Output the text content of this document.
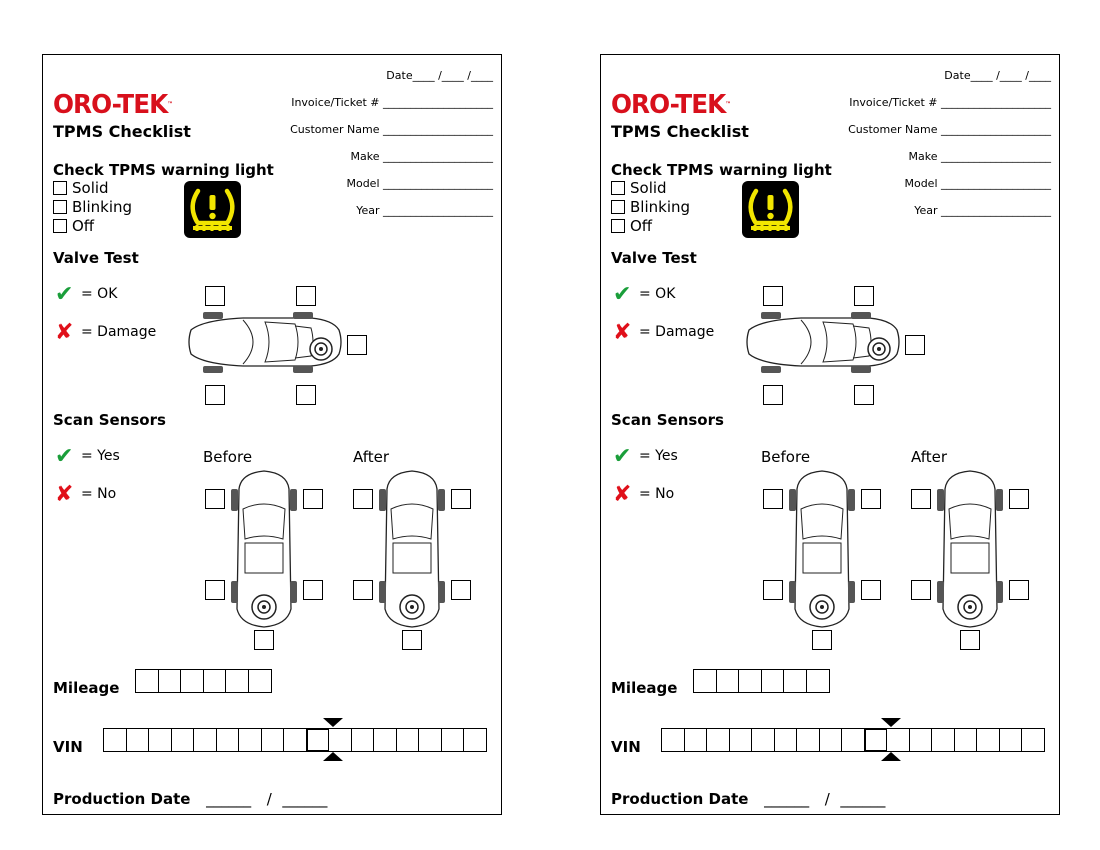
Date____ /____ /____
Invoice/Ticket # ____________________
Customer Name ____________________
Make ____________________
Model ____________________
Year ____________________
ORO-TEK™
TPMS Checklist
Check TPMS warning light
Solid
Blinking
Off
Valve Test
✔ = OK
✘ = Damage
Scan Sensors
✔ = Yes
✘ = No
Before	After
Mileage
VIN
Production Date ______ / ______
Date____ /____ /____
Invoice/Ticket # ____________________
Customer Name ____________________
Make ____________________
Model ____________________
Year ____________________
ORO-TEK™
TPMS Checklist
Check TPMS warning light
Solid
Blinking
Off
Valve Test
✔ = OK
✘ = Damage
Scan Sensors
✔ = Yes
✘ = No
Before	After
Mileage
VIN
Production Date ______ / ______
